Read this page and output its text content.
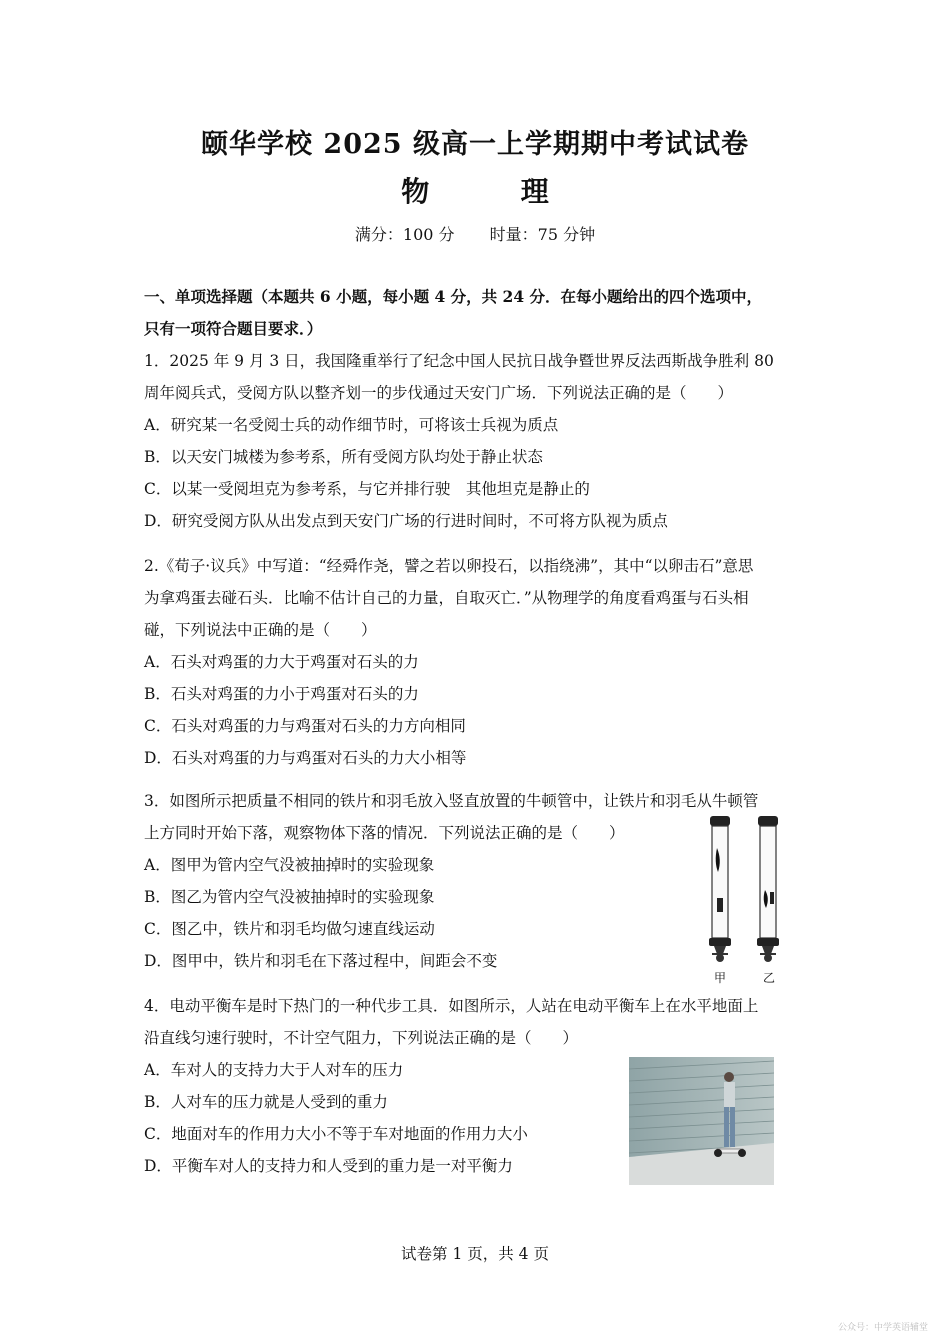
颐华学校 2025 级高一上学期期中考试试卷
物	理
满分：100 分 时量：75 分钟
一、单项选择题（本题共 6 小题，每小题 4 分，共 24 分．在每小题给出的四个选项中，
只有一项符合题目要求．）
1．2025 年 9 月 3 日，我国隆重举行了纪念中国人民抗日战争暨世界反法西斯战争胜利 80
周年阅兵式，受阅方队以整齐划一的步伐通过天安门广场．下列说法正确的是（　　）
A．研究某一名受阅士兵的动作细节时，可将该士兵视为质点
B．以天安门城楼为参考系，所有受阅方队均处于静止状态
C．以某一受阅坦克为参考系，与它并排行驶　其他坦克是静止的
D．研究受阅方队从出发点到天安门广场的行进时间时，不可将方队视为质点
2.《荀子·议兵》中写道：“经舜作尧，譬之若以卵投石，以指绕沸”，其中“以卵击石”意思
为拿鸡蛋去碰石头．比喻不估计自己的力量，自取灭亡．”从物理学的角度看鸡蛋与石头相
碰，下列说法中正确的是（　　）
A．石头对鸡蛋的力大于鸡蛋对石头的力
B．石头对鸡蛋的力小于鸡蛋对石头的力
C．石头对鸡蛋的力与鸡蛋对石头的力方向相同
D．石头对鸡蛋的力与鸡蛋对石头的力大小相等
3．如图所示把质量不相同的铁片和羽毛放入竖直放置的牛顿管中，让铁片和羽毛从牛顿管
上方同时开始下落，观察物体下落的情况．下列说法正确的是（　　）
A．图甲为管内空气没被抽掉时的实验现象
B．图乙为管内空气没被抽掉时的实验现象
C．图乙中，铁片和羽毛均做匀速直线运动
D．图甲中，铁片和羽毛在下落过程中，间距会不变
甲	乙
4．电动平衡车是时下热门的一种代步工具．如图所示，人站在电动平衡车上在水平地面上
沿直线匀速行驶时，不计空气阻力，下列说法正确的是（　　）
A．车对人的支持力大于人对车的压力
B．人对车的压力就是人受到的重力
C．地面对车的作用力大小不等于车对地面的作用力大小
D．平衡车对人的支持力和人受到的重力是一对平衡力
试卷第 1 页，共 4 页
公众号：中学英语辅堂
